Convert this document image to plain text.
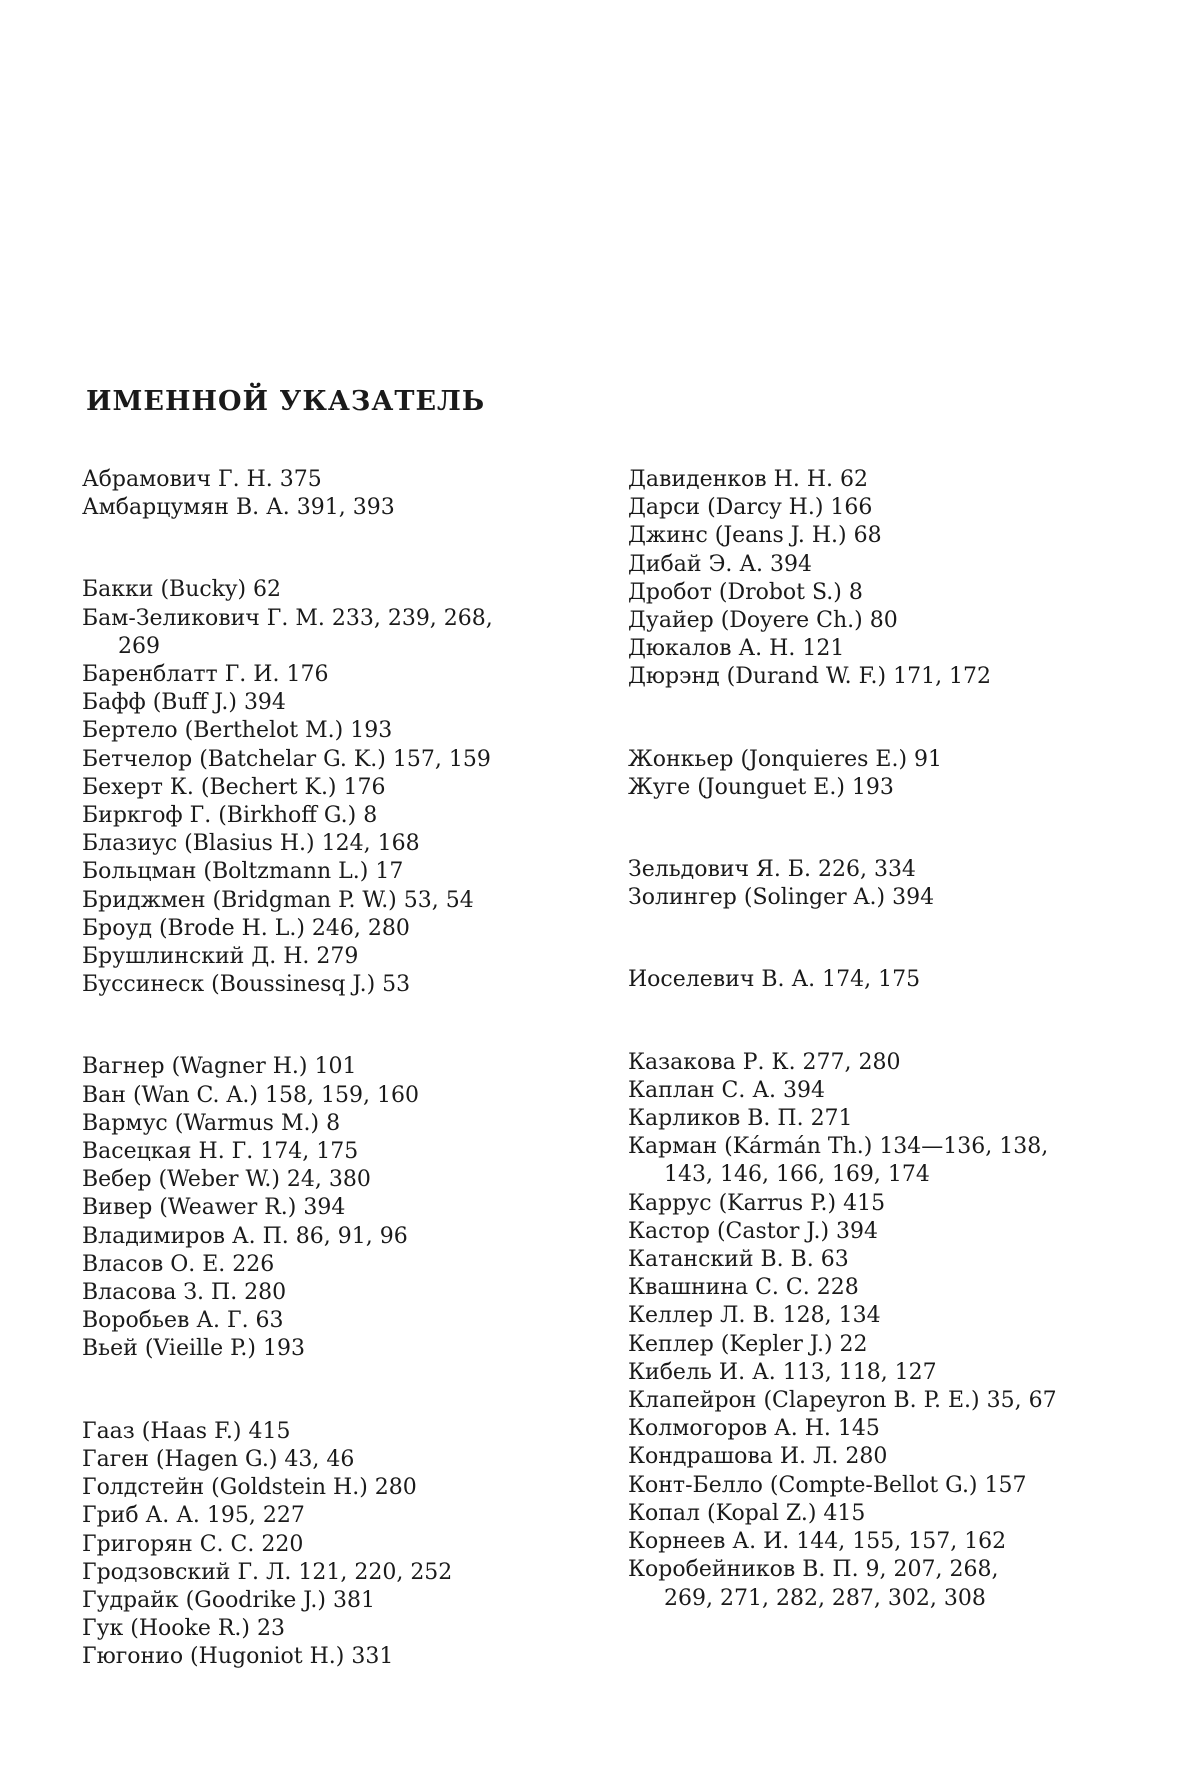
ИМЕННОЙ УКАЗАТЕЛЬ
Абрамович Г. Н. 375
Амбарцумян В. А. 391, 393
Бакки (Bucky) 62
Бам-Зеликович Г. М. 233, 239, 268,
269
Баренблатт Г. И. 176
Бафф (Buff J.) 394
Бертело (Berthelot M.) 193
Бетчелор (Batchelar G. K.) 157, 159
Бехерт К. (Bechert K.) 176
Биркгоф Г. (Birkhoff G.) 8
Блазиус (Blasius H.) 124, 168
Больцман (Boltzmann L.) 17
Бриджмен (Bridgman P. W.) 53, 54
Броуд (Brode H. L.) 246, 280
Брушлинский Д. Н. 279
Буссинеск (Boussinesq J.) 53
Вагнер (Wagner H.) 101
Ван (Wan C. A.) 158, 159, 160
Вармус (Warmus M.) 8
Васецкая Н. Г. 174, 175
Вебер (Weber W.) 24, 380
Вивер (Weawer R.) 394
Владимиров А. П. 86, 91, 96
Власов О. Е. 226
Власова З. П. 280
Воробьев А. Г. 63
Вьей (Vieille P.) 193
Гааз (Haas F.) 415
Гаген (Hagen G.) 43, 46
Голдстейн (Goldstein H.) 280
Гриб А. А. 195, 227
Григорян С. С. 220
Гродзовский Г. Л. 121, 220, 252
Гудрайк (Goodrike J.) 381
Гук (Hooke R.) 23
Гюгонио (Hugoniot H.) 331
Давиденков Н. Н. 62
Дарси (Darcy H.) 166
Джинс (Jeans J. H.) 68
Дибай Э. А. 394
Дробот (Drobot S.) 8
Дуайер (Doyere Ch.) 80
Дюкалов А. Н. 121
Дюрэнд (Durand W. F.) 171, 172
Жонкьер (Jonquieres E.) 91
Жуге (Jounguet E.) 193
Зельдович Я. Б. 226, 334
Золингер (Solinger A.) 394
Иоселевич В. А. 174, 175
Казакова Р. К. 277, 280
Каплан С. А. 394
Карликов В. П. 271
Карман (Kármán Th.) 134—136, 138,
143, 146, 166, 169, 174
Каррус (Karrus P.) 415
Кастор (Castor J.) 394
Катанский В. В. 63
Квашнина С. С. 228
Келлер Л. В. 128, 134
Кеплер (Kepler J.) 22
Кибель И. А. 113, 118, 127
Клапейрон (Clapeyron B. P. E.) 35, 67
Колмогоров А. Н. 145
Кондрашова И. Л. 280
Конт-Белло (Compte-Bellot G.) 157
Копал (Kopal Z.) 415
Корнеев А. И. 144, 155, 157, 162
Коробейников В. П. 9, 207, 268,
269, 271, 282, 287, 302, 308
